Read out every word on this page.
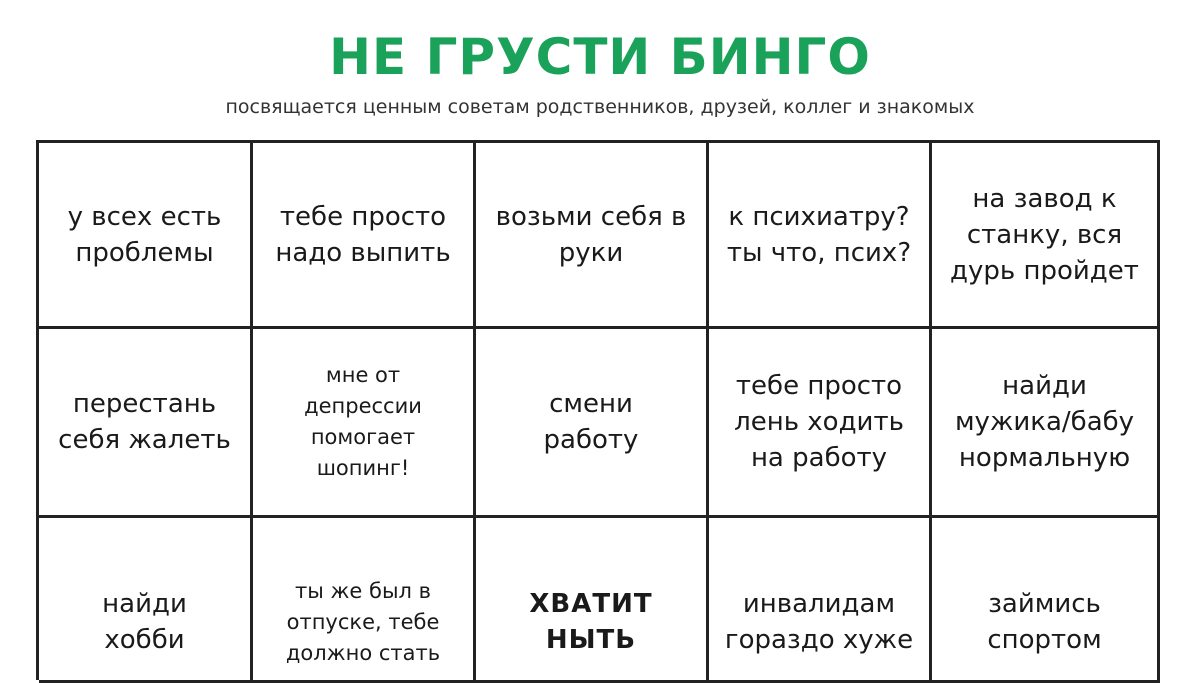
НЕ ГРУСТИ БИНГО
посвящается ценным советам родственников, друзей, коллег и знакомых
у всех есть проблемы
тебе просто надо выпить
возьми себя в руки
к психиатру? ты что, псих?
на завод к станку, вся дурь пройдет
перестань себя жалеть
мне от депрессии помогает шопинг!
смени работу
тебе просто лень ходить на работу
найди мужика/бабу нормальную
найди хобби
ты же был в отпуске, тебе должно стать
ХВАТИТ НЫТЬ
инвалидам гораздо хуже
займись спортом
